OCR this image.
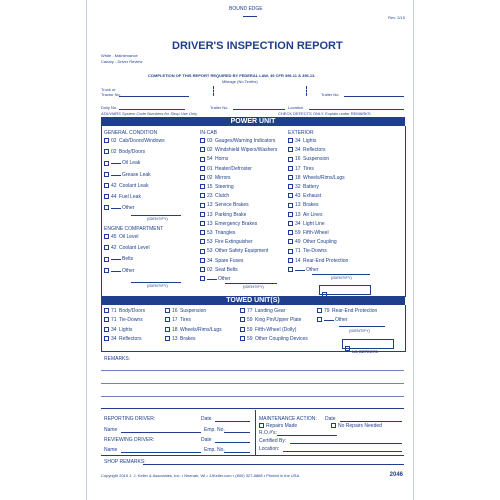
BOUND EDGE
Rev. 2/15
White - Maintenance
Canary - Driver Review
DRIVER'S INSPECTION REPORT
COMPLETION OF THIS REPORT REQUIRED BY FEDERAL LAW, 49 CFR 396.11 & 396.13.
Mileage (No Tenths)
Truck or Tractor No.	Trailer No.
Dolly No.	Trailer No.	Location
ATA/VMRS System Code Numbers for Shop Use Only	CHECK DEFECTS ONLY. Explain under REMARKS.
POWER UNIT
GENERAL CONDITION
02 Cab/Doors/Windows
02 Body/Doors
Oil Leak
Grease Leak
42 Coolant Leak
44 Fuel Leak
Other
(IDENTIFY)
ENGINE COMPARTMENT
45 Oil Level
42 Coolant Level
Belts
Other
(IDENTIFY)
IN-CAB
03 Gauges/Warning Indicators
02 Windshield Wipers/Washers
54 Horns
01 Heater/Defroster
02 Mirrors
15 Steering
23 Clutch
13 Service Brakes
13 Parking Brake
13 Emergency Brakes
53 Triangles
53 Fire Extinguisher
53 Other Safety Equipment
34 Spare Fuses
02 Seat Belts
Other
(IDENTIFY)
EXTERIOR
34 Lights
34 Reflectors
16 Suspension
17 Tires
18 Wheels/Rims/Lugs
32 Battery
43 Exhaust
13 Brakes
13 Air Lines
34 Light Line
59 Fifth-Wheel
49 Other Coupling
71 Tie-Downs
14 Rear-End Protection
Other
(IDENTIFY)
TOWED UNIT(S)
71 Body/Doors
71 Tie-Downs
34 Lights
34 Reflectors
16 Suspension
17 Tires
18 Wheels/Rims/Lugs
13 Brakes
77 Landing Gear
59 King Pin/Upper Plate
59 Fifth-Wheel (Dolly)
59 Other Coupling Devices
79 Rear-End Protection
Other
(IDENTIFY)
NO DEFECTS
REMARKS:
REPORTING DRIVER:	Date
Name	Emp. No.
REVIEWING DRIVER:	Date
Name	Emp. No.
MAINTENANCE ACTION: Date
Repairs Made	No Repairs Needed
R.O.#'s:
Certified By:
Location:
SHOP REMARKS:
Copyright 2015 J. J. Keller & Associates, Inc. • Neenah, WI • JJKeller.com • (800) 327-6868 • Printed in the USA	2046
